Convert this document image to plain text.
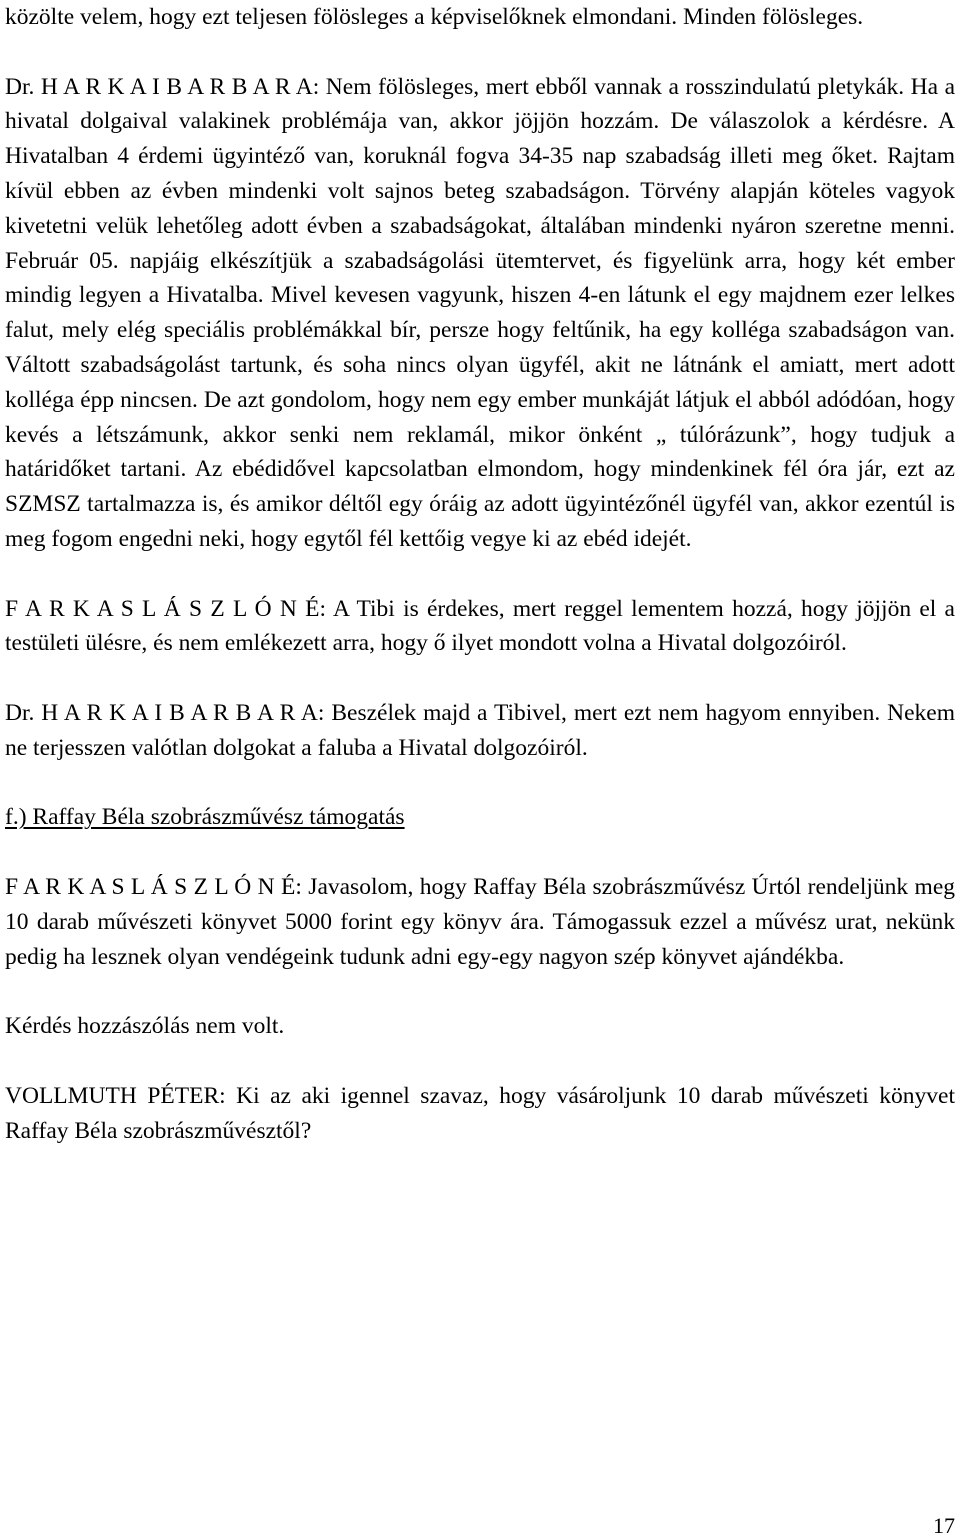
közölte velem, hogy ezt teljesen fölösleges a képviselőknek elmondani. Minden fölösleges.

Dr. H A R K A I B A R B A R A: Nem fölösleges, mert ebből vannak a rosszindulatú pletykák. Ha a hivatal dolgaival valakinek problémája van, akkor jöjjön hozzám. De válaszolok a kérdésre. A Hivatalban 4 érdemi ügyintéző van, koruknál fogva 34-35 nap szabadság illeti meg őket. Rajtam kívül ebben az évben mindenki volt sajnos beteg szabadságon. Törvény alapján köteles vagyok kivetetni velük lehetőleg adott évben a szabadságokat, általában mindenki nyáron szeretne menni. Február 05. napjáig elkészítjük a szabadságolási ütemtervet, és figyelünk arra, hogy két ember mindig legyen a Hivatalba. Mivel kevesen vagyunk, hiszen 4-en látunk el egy majdnem ezer lelkes falut, mely elég speciális problémákkal bír, persze hogy feltűnik, ha egy kolléga szabadságon van. Váltott szabadságolást tartunk, és soha nincs olyan ügyfél, akit ne látnánk el amiatt, mert adott kolléga épp nincsen. De azt gondolom, hogy nem egy ember munkáját látjuk el abból adódóan, hogy kevés a létszámunk, akkor senki nem reklamál, mikor önként „ túlórázunk”, hogy tudjuk a határidőket tartani. Az ebédidővel kapcsolatban elmondom, hogy mindenkinek fél óra jár, ezt az SZMSZ tartalmazza is, és amikor déltől egy óráig az adott ügyintézőnél ügyfél van, akkor ezentúl is meg fogom engedni neki, hogy egytől fél kettőig vegye ki az ebéd idejét.

F A R K A S L Á S Z L Ó N É: A Tibi is érdekes, mert reggel lementem hozzá, hogy jöjjön el a testületi ülésre, és nem emlékezett arra, hogy ő ilyet mondott volna a Hivatal dolgozóiról.

Dr. H A R K A I B A R B A R A: Beszélek majd a Tibivel, mert ezt nem hagyom ennyiben. Nekem ne terjesszen valótlan dolgokat a faluba a Hivatal dolgozóiról.

f.) Raffay Béla szobrászművész támogatás

F A R K A S L Á S Z L Ó N É: Javasolom, hogy Raffay Béla szobrászművész Úrtól rendeljünk meg 10 darab művészeti könyvet 5000 forint egy könyv ára. Támogassuk ezzel a művész urat, nekünk pedig ha lesznek olyan vendégeink tudunk adni egy-egy nagyon szép könyvet ajándékba.

Kérdés hozzászólás nem volt.

VOLLMUTH PÉTER: Ki az aki igennel szavaz, hogy vásároljunk 10 darab művészeti könyvet Raffay Béla szobrászművésztől?

17
